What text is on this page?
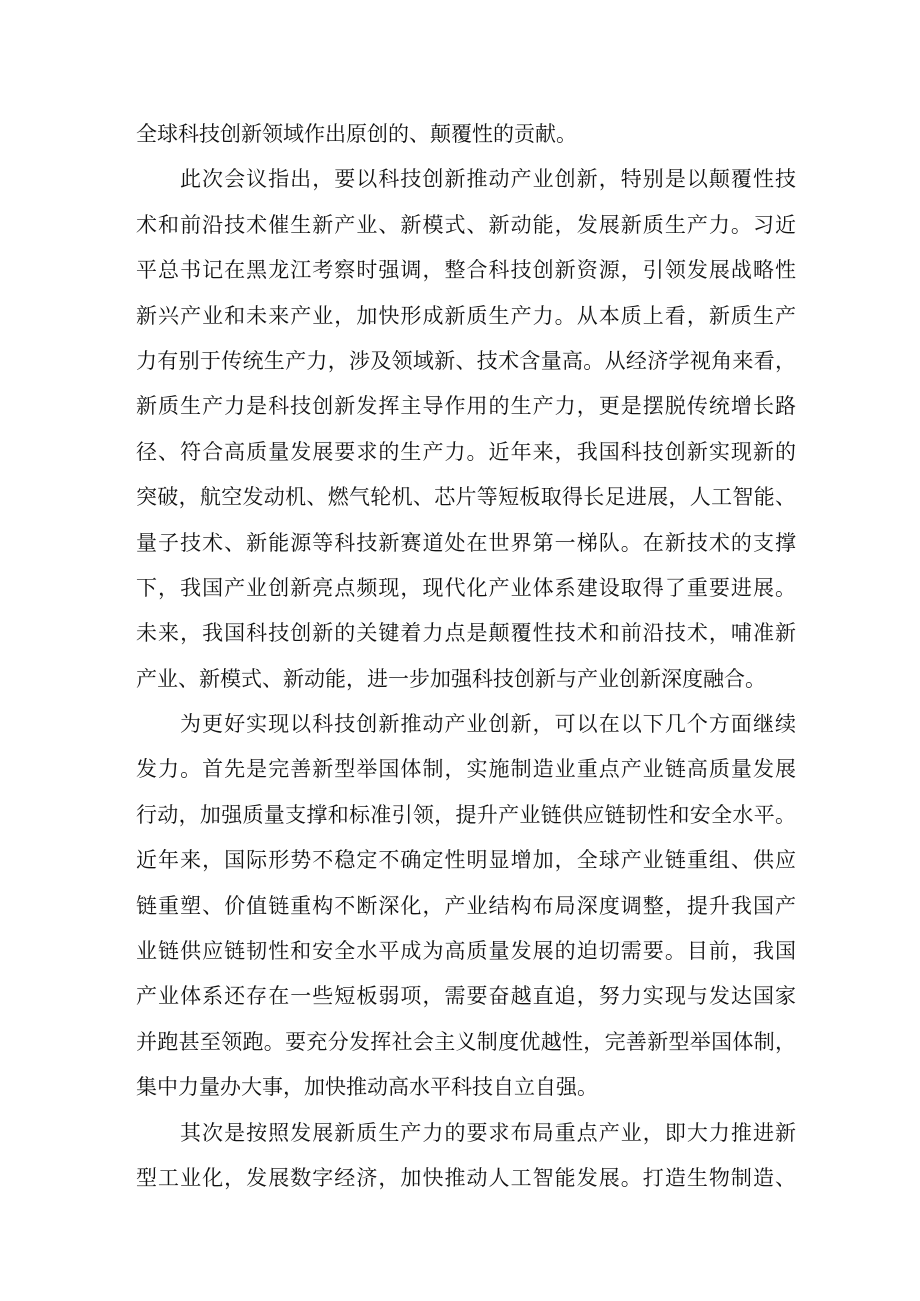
全球科技创新领域作出原创的、颠覆性的贡献。
此次会议指出，要以科技创新推动产业创新，特别是以颠覆性技
术和前沿技术催生新产业、新模式、新动能，发展新质生产力。习近
平总书记在黑龙江考察时强调，整合科技创新资源，引领发展战略性
新兴产业和未来产业，加快形成新质生产力。从本质上看，新质生产
力有别于传统生产力，涉及领域新、技术含量高。从经济学视角来看，
新质生产力是科技创新发挥主导作用的生产力，更是摆脱传统增长路
径、符合高质量发展要求的生产力。近年来，我国科技创新实现新的
突破，航空发动机、燃气轮机、芯片等短板取得长足进展，人工智能、
量子技术、新能源等科技新赛道处在世界第一梯队。在新技术的支撑
下，我国产业创新亮点频现，现代化产业体系建设取得了重要进展。
未来，我国科技创新的关键着力点是颠覆性技术和前沿技术，哺准新
产业、新模式、新动能，进一步加强科技创新与产业创新深度融合。
为更好实现以科技创新推动产业创新，可以在以下几个方面继续
发力。首先是完善新型举国体制，实施制造业重点产业链高质量发展
行动，加强质量支撑和标准引领，提升产业链供应链韧性和安全水平。
近年来，国际形势不稳定不确定性明显增加，全球产业链重组、供应
链重塑、价值链重构不断深化，产业结构布局深度调整，提升我国产
业链供应链韧性和安全水平成为高质量发展的迫切需要。目前，我国
产业体系还存在一些短板弱项，需要奋越直追，努力实现与发达国家
并跑甚至领跑。要充分发挥社会主义制度优越性，完善新型举国体制，
集中力量办大事，加快推动高水平科技自立自强。
其次是按照发展新质生产力的要求布局重点产业，即大力推进新
型工业化，发展数字经济，加快推动人工智能发展。打造生物制造、
